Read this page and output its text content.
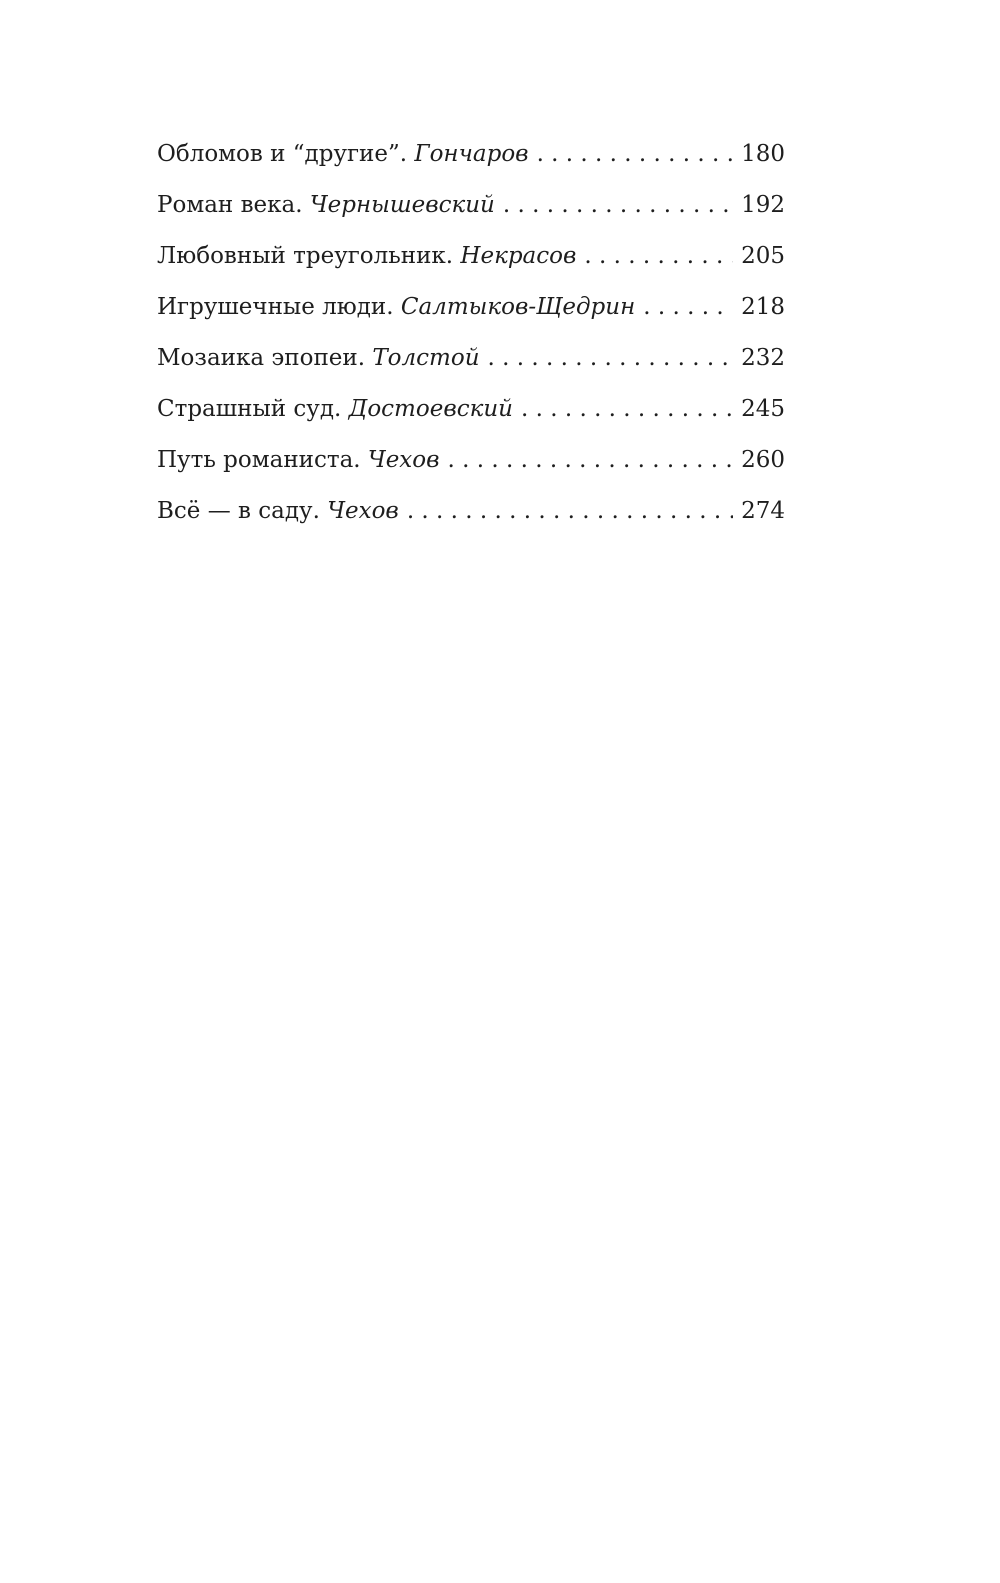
Обломов и “другие”. Гончаров . . .	180
Роман века. Чернышевский . . .	192
Любовный треугольник. Некрасов . . .	205
Игрушечные люди. Салтыков-Щедрин . . .	218
Мозаика эпопеи. Толстой . . .	232
Страшный суд. Достоевский . . .	245
Путь романиста. Чехов . . .	260
Всё — в саду. Чехов . . .	274
